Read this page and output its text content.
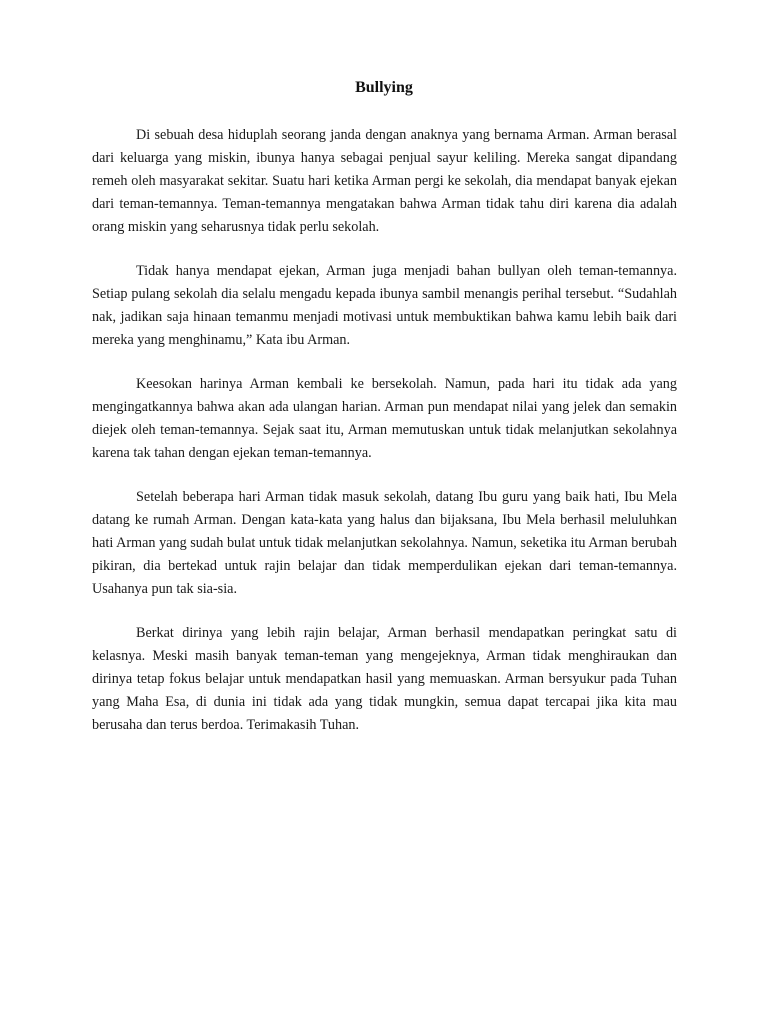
Bullying

Di sebuah desa hiduplah seorang janda dengan anaknya yang bernama Arman. Arman berasal dari keluarga yang miskin, ibunya hanya sebagai penjual sayur keliling. Mereka sangat dipandang remeh oleh masyarakat sekitar. Suatu hari ketika Arman pergi ke sekolah, dia mendapat banyak ejekan dari teman-temannya. Teman-temannya mengatakan bahwa Arman tidak tahu diri karena dia adalah orang miskin yang seharusnya tidak perlu sekolah.

Tidak hanya mendapat ejekan, Arman juga menjadi bahan bullyan oleh teman-temannya. Setiap pulang sekolah dia selalu mengadu kepada ibunya sambil menangis perihal tersebut. “Sudahlah nak, jadikan saja hinaan temanmu menjadi motivasi untuk membuktikan bahwa kamu lebih baik dari mereka yang menghinamu,” Kata ibu Arman.

Keesokan harinya Arman kembali ke bersekolah. Namun, pada hari itu tidak ada yang mengingatkannya bahwa akan ada ulangan harian. Arman pun mendapat nilai yang jelek dan semakin diejek oleh teman-temannya. Sejak saat itu, Arman memutuskan untuk tidak melanjutkan sekolahnya karena tak tahan dengan ejekan teman-temannya.

Setelah beberapa hari Arman tidak masuk sekolah, datang Ibu guru yang baik hati, Ibu Mela datang ke rumah Arman. Dengan kata-kata yang halus dan bijaksana, Ibu Mela berhasil meluluhkan hati Arman yang sudah bulat untuk tidak melanjutkan sekolahnya. Namun, seketika itu Arman berubah pikiran, dia bertekad untuk rajin belajar dan tidak memperdulikan ejekan dari teman-temannya. Usahanya pun tak sia-sia.

Berkat dirinya yang lebih rajin belajar, Arman berhasil mendapatkan peringkat satu di kelasnya. Meski masih banyak teman-teman yang mengejeknya, Arman tidak menghiraukan dan dirinya tetap fokus belajar untuk mendapatkan hasil yang memuaskan. Arman bersyukur pada Tuhan yang Maha Esa, di dunia ini tidak ada yang tidak mungkin, semua dapat tercapai jika kita mau berusaha dan terus berdoa. Terimakasih Tuhan.
